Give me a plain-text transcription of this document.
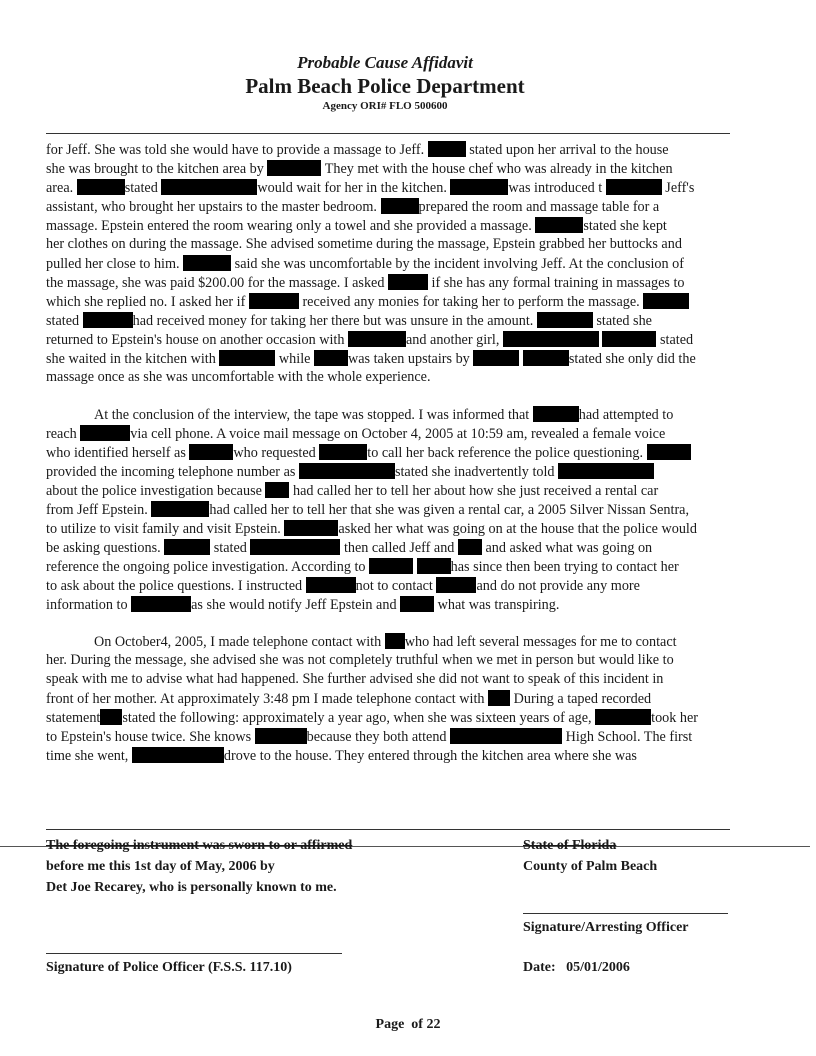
Probable Cause Affidavit
Palm Beach Police Department
Agency ORI# FLO 500600
for Jeff. She was told she would have to provide a massage to Jeff.	stated upon her arrival to the house
she was brought to the kitchen area by	They met with the house chef who was already in the kitchen
area.	stated	would wait for her in the kitchen.	was introduced t	Jeff's
assistant, who brought her upstairs to the master bedroom.	prepared the room and massage table for a
massage. Epstein entered the room wearing only a towel and she provided a massage.	stated she kept
her clothes on during the massage. She advised sometime during the massage, Epstein grabbed her buttocks and
pulled her close to him.	said she was uncomfortable by the incident involving Jeff. At the conclusion of
the massage, she was paid $200.00 for the massage. I asked	if she has any formal training in massages to
which she replied no. I asked her if	received any monies for taking her to perform the massage.
stated	had received money for taking her there but was unsure in the amount.	stated she
returned to Epstein's house on another occasion with	and another girl,	stated
she waited in the kitchen with	while	was taken upstairs by	stated she only did the
massage once as she was uncomfortable with the whole experience.
At the conclusion of the interview, the tape was stopped. I was informed that	had attempted to
reach	via cell phone. A voice mail message on October 4, 2005 at 10:59 am, revealed a female voice
who identified herself as	who requested	to call her back reference the police questioning.
provided the incoming telephone number as	stated she inadvertently told
about the police investigation because had called her to tell her about how she just received a rental car
from Jeff Epstein.	had called her to tell her that she was given a rental car, a 2005 Silver Nissan Sentra,
to utilize to visit family and visit Epstein.	asked her what was going on at the house that the police would
be asking questions.	stated	then called Jeff and and asked what was going on
reference the ongoing police investigation. According to	has since then been trying to contact her
to ask about the police questions. I instructed	not to contact	and do not provide any more
information to	as she would notify Jeff Epstein and	what was transpiring.
On October4, 2005, I made telephone contact with who had left several messages for me to contact
her. During the message, she advised she was not completely truthful when we met in person but would like to
speak with me to advise what had happened. She further advised she did not want to speak of this incident in
front of her mother. At approximately 3:48 pm I made telephone contact with During a taped recorded
statement stated the following: approximately a year ago, when she was sixteen years of age,	took her
to Epstein's house twice. She knows	because they both attend	High School. The first
time she went,	drove to the house. They entered through the kitchen area where she was
The foregoing instrument was sworn to or affirmed
before me this 1st day of May, 2006 by
Det Joe Recarey, who is personally known to me.
State of Florida
County of Palm Beach
Signature/Arresting Officer
Signature of Police Officer (F.S.S. 117.10)	Date: 05/01/2006
Page of 22
